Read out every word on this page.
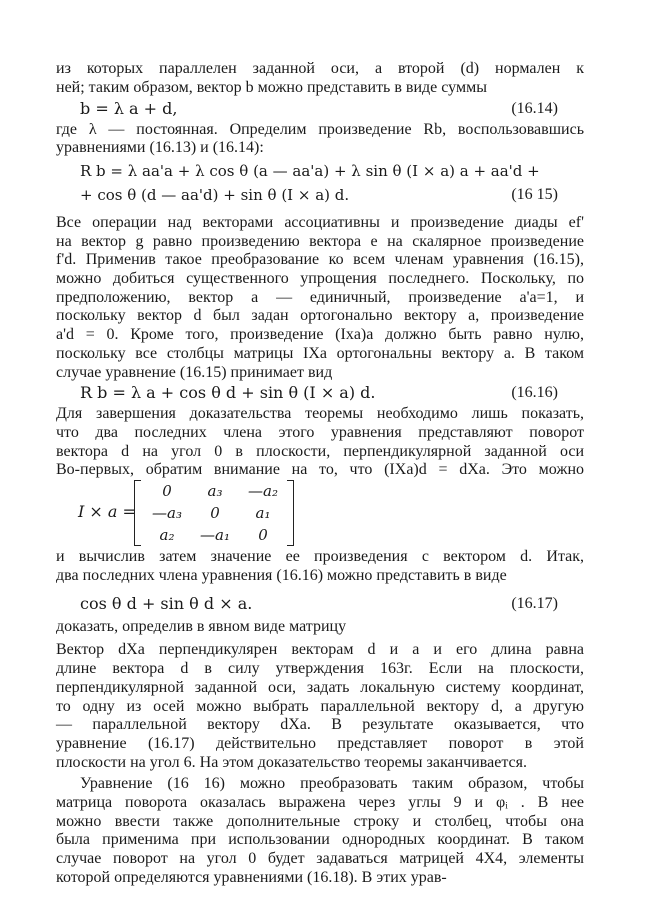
из которых параллелен заданной оси, а второй (d) нормален к
ней; таким образом, вектор b можно представить в виде суммы
b = λ a + d,	(16.14)
где λ — постоянная. Определим произведение Rb, воспользовавшись
уравнениями (16.13) и (16.14):
R b = λ aa'a + λ cos θ (a — aa'a) + λ sin θ (I × a) a + aa'd +
+ cos θ (d — aa'd) + sin θ (I × a) d.	(16 15)
Все операции над векторами ассоциативны и произведение диады ef'
на вектор g равно произведению вектора е на скалярное произведение
f'd. Применив такое преобразование ко всем членам уравнения (16.15),
можно добиться существенного упрощения последнего. Поскольку, по
предположению, вектор а — единичный, произведение a'a=1, и
поскольку вектор d был задан ортогонально вектору а, произведение
a'd = 0. Кроме того, произведение (Ixa)a должно быть равно нулю,
поскольку все столбцы матрицы IXa ортогональны вектору а. В таком
случае уравнение (16.15) принимает вид
R b = λ a + cos θ d + sin θ (I × a) d.	(16.16)
Для завершения доказательства теоремы необходимо лишь показать,
что два последних члена этого уравнения представляют поворот
вектора d на угол 0 в плоскости, перпендикулярной заданной оси
Во-первых, обратим внимание на то, что (IXa)d = dXa. Это можно
I × a =
0	a₃	—a₂
—a₃	0	a₁
a₂	—a₁	0
и вычислив затем значение ее произведения с вектором d. Итак,
два последних члена уравнения (16.16) можно представить в виде
cos θ d + sin θ d × a.	(16.17)
доказать, определив в явном виде матрицу
Вектор dXa перпендикулярен векторам d и а и его длина равна
длине вектора d в силу утверждения 163г. Если на плоскости,
перпендикулярной заданной оси, задать локальную систему координат,
то одну из осей можно выбрать параллельной вектору d, а другую
— параллельной вектору dXa. В результате оказывается, что
уравнение (16.17) действительно представляет поворот в этой
плоскости на угол 6. На этом доказательство теоремы заканчивается.
Уравнение (16 16) можно преобразовать таким образом, чтобы
матрица поворота оказалась выражена через углы 9 и φᵢ . В нее
можно ввести также дополнительные строку и столбец, чтобы она
была применима при использовании однородных координат. В таком
случае поворот на угол 0 будет задаваться матрицей 4X4, элементы
которой определяются уравнениями (16.18). В этих урав-
